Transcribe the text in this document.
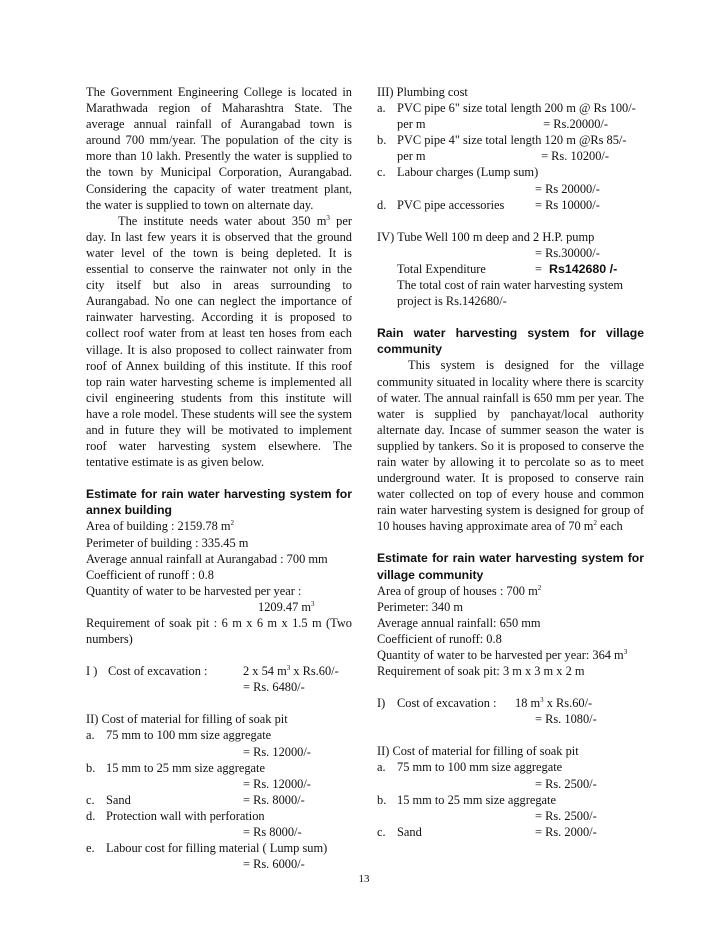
The Government Engineering College is located in Marathwada region of Maharashtra State. The average annual rainfall of Aurangabad town is around 700 mm/year. The population of the city is more than 10 lakh. Presently the water is supplied to the town by Municipal Corporation, Aurangabad. Considering the capacity of water treatment plant, the water is supplied to town on alternate day.

The institute needs water about 350 $m^3$ per day. In last few years it is observed that the ground water level of the town is being depleted. It is essential to conserve the rainwater not only in the city itself but also in areas surrounding to Aurangabad. No one can neglect the importance of rainwater harvesting. According it is proposed to collect roof water from at least ten hoses from each village. It is also proposed to collect rainwater from roof of Annex building of this institute. If this roof top rain water harvesting scheme is implemented all civil engineering students from this institute will have a role model. These students will see the system and in future they will be motivated to implement roof water harvesting system elsewhere. The tentative estimate is as given below.

Estimate for rain water harvesting system for annex building

Area of building : 2159.78 $m^2$

Perimeter of building : 335.45 m

Average annual rainfall at Aurangabad : 700 mm

Coefficient of runoff : 0.8

Quantity of water to be harvested per year :

1209.47 $m^3$

Requirement of soak pit : 6 m x 6 m x 1.5 m (Two numbers)

I ) Cost of excavation :	2 x 54 $m^3$ x Rs.60/-

= Rs. 6480/-

II) Cost of material for filling of soak pit

a. 75 mm to 100 mm size aggregate

= Rs. 12000/-

b. 15 mm to 25 mm size aggregate

= Rs. 12000/-

c. Sand	= Rs. 8000/-
d. Protection wall with perforation

= Rs 8000/-

e. Labour cost for filling material ( Lump sum)

= Rs. 6000/-

III) Plumbing cost

a. PVC pipe 6" size total length 200 m @ Rs 100/- per m	= Rs.20000/-

b. PVC pipe 4" size total length 120 m @Rs 85/- per m	= Rs. 10200/-

c. Labour charges (Lump sum)

= Rs 20000/-

d. PVC pipe accessories	= Rs 10000/-

IV) Tube Well 100 m deep and 2 H.P. pump

= Rs.30000/-

Total Expenditure	= Rs142680 /-

The total cost of rain water harvesting system project is Rs.142680/-

Rain water harvesting system for village community

This system is designed for the village community situated in locality where there is scarcity of water. The annual rainfall is 650 mm per year. The water is supplied by panchayat/local authority alternate day. Incase of summer season the water is supplied by tankers. So it is proposed to conserve the rain water by allowing it to percolate so as to meet underground water. It is proposed to conserve rain water collected on top of every house and common rain water harvesting system is designed for group of 10 houses having approximate area of 70 $m^2$ each

Estimate for rain water harvesting system for village community

Area of group of houses : 700 $m^2$

Perimeter: 340 m

Average annual rainfall: 650 mm

Coefficient of runoff: 0.8

Quantity of water to be harvested per year: 364 $m^3$

Requirement of soak pit: 3 m x 3 m x 2 m

I) Cost of excavation :	18 $m^3$ x Rs.60/-

= Rs. 1080/-

II) Cost of material for filling of soak pit

a. 75 mm to 100 mm size aggregate

= Rs. 2500/-

b. 15 mm to 25 mm size aggregate

= Rs. 2500/-

c. Sand	= Rs. 2000/-
13
